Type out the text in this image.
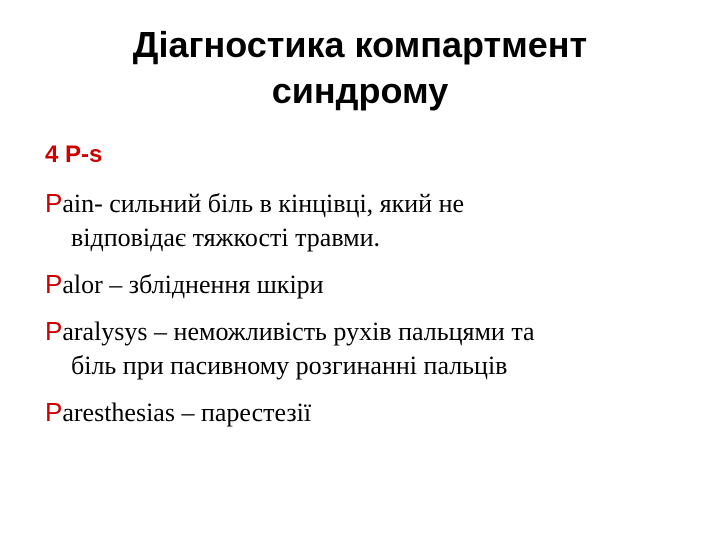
Діагностика компартмент
синдрому
4 P-s
Pain- сильний біль в кінцівці, який не
відповідає тяжкості травми.
Palor – збліднення шкіри
Paralysys – неможливість рухів пальцями та
біль при пасивному розгинанні пальців
Paresthesias – парестезії
